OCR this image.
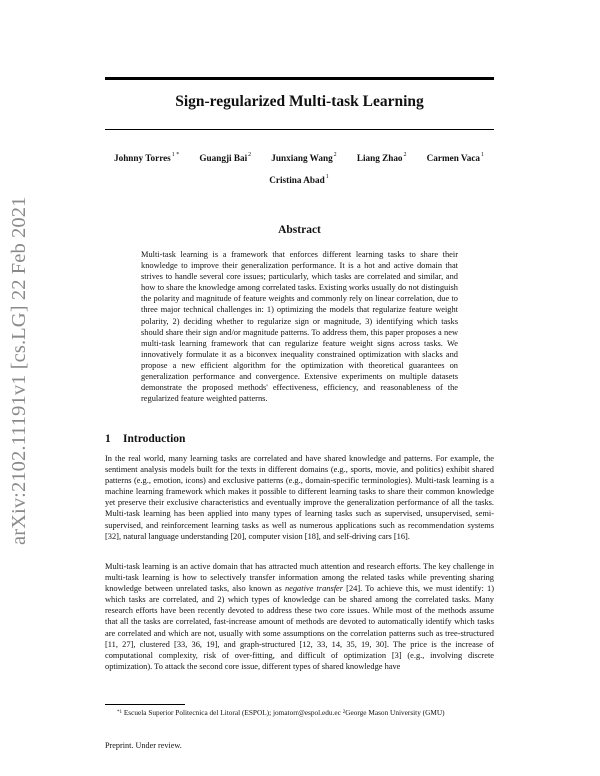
arXiv:2102.11191v1 [cs.LG] 22 Feb 2021
Sign-regularized Multi-task Learning
Johnny Torres$^{1 *}$ Guangji Bai$^2$ Junxiang Wang$^2$ Liang Zhao$^2$ Carmen Vaca$^1$
Cristina Abad$^1$
Abstract

Multi-task learning is a framework that enforces different learning tasks to share their knowledge to improve their generalization performance. It is a hot and active domain that strives to handle several core issues; particularly, which tasks are correlated and similar, and how to share the knowledge among correlated tasks. Existing works usually do not distinguish the polarity and magnitude of feature weights and commonly rely on linear correlation, due to three major technical challenges in: 1) optimizing the models that regularize feature weight polarity, 2) deciding whether to regularize sign or magnitude, 3) identifying which tasks should share their sign and/or magnitude patterns. To address them, this paper proposes a new multi-task learning framework that can regularize feature weight signs across tasks. We innovatively formulate it as a biconvex inequality constrained optimization with slacks and propose a new efficient algorithm for the optimization with theoretical guarantees on generalization performance and convergence. Extensive experiments on multiple datasets demonstrate the proposed methods' effectiveness, efficiency, and reasonableness of the regularized feature weighted patterns.

1 Introduction

In the real world, many learning tasks are correlated and have shared knowledge and patterns. For example, the sentiment analysis models built for the texts in different domains (e.g., sports, movie, and politics) exhibit shared patterns (e.g., emotion, icons) and exclusive patterns (e.g., domain-specific terminologies). Multi-task learning is a machine learning framework which makes it possible to different learning tasks to share their common knowledge yet preserve their exclusive characteristics and eventually improve the generalization performance of all the tasks. Multi-task learning has been applied into many types of learning tasks such as supervised, unsupervised, semi-supervised, and reinforcement learning tasks as well as numerous applications such as recommendation systems [32], natural language understanding [20], computer vision [18], and self-driving cars [16].

Multi-task learning is an active domain that has attracted much attention and research efforts. The key challenge in multi-task learning is how to selectively transfer information among the related tasks while preventing sharing knowledge between unrelated tasks, also known as negative transfer [24]. To achieve this, we must identify: 1) which tasks are correlated, and 2) which types of knowledge can be shared among the correlated tasks. Many research efforts have been recently devoted to address these two core issues. While most of the methods assume that all the tasks are correlated, fast-increase amount of methods are devoted to automatically identify which tasks are correlated and which are not, usually with some assumptions on the correlation patterns such as tree-structured [11, 27], clustered [33, 36, 19], and graph-structured [12, 33, 14, 35, 19, 30]. The price is the increase of computational complexity, risk of over-fitting, and difficult of optimization [3] (e.g., involving discrete optimization). To attack the second core issue, different types of shared knowledge have

$^{*1}$ Escuela Superior Politecnica del Litoral (ESPOL); jomatorr@espol.edu.ec $^2$George Mason University (GMU)

Preprint. Under review.
